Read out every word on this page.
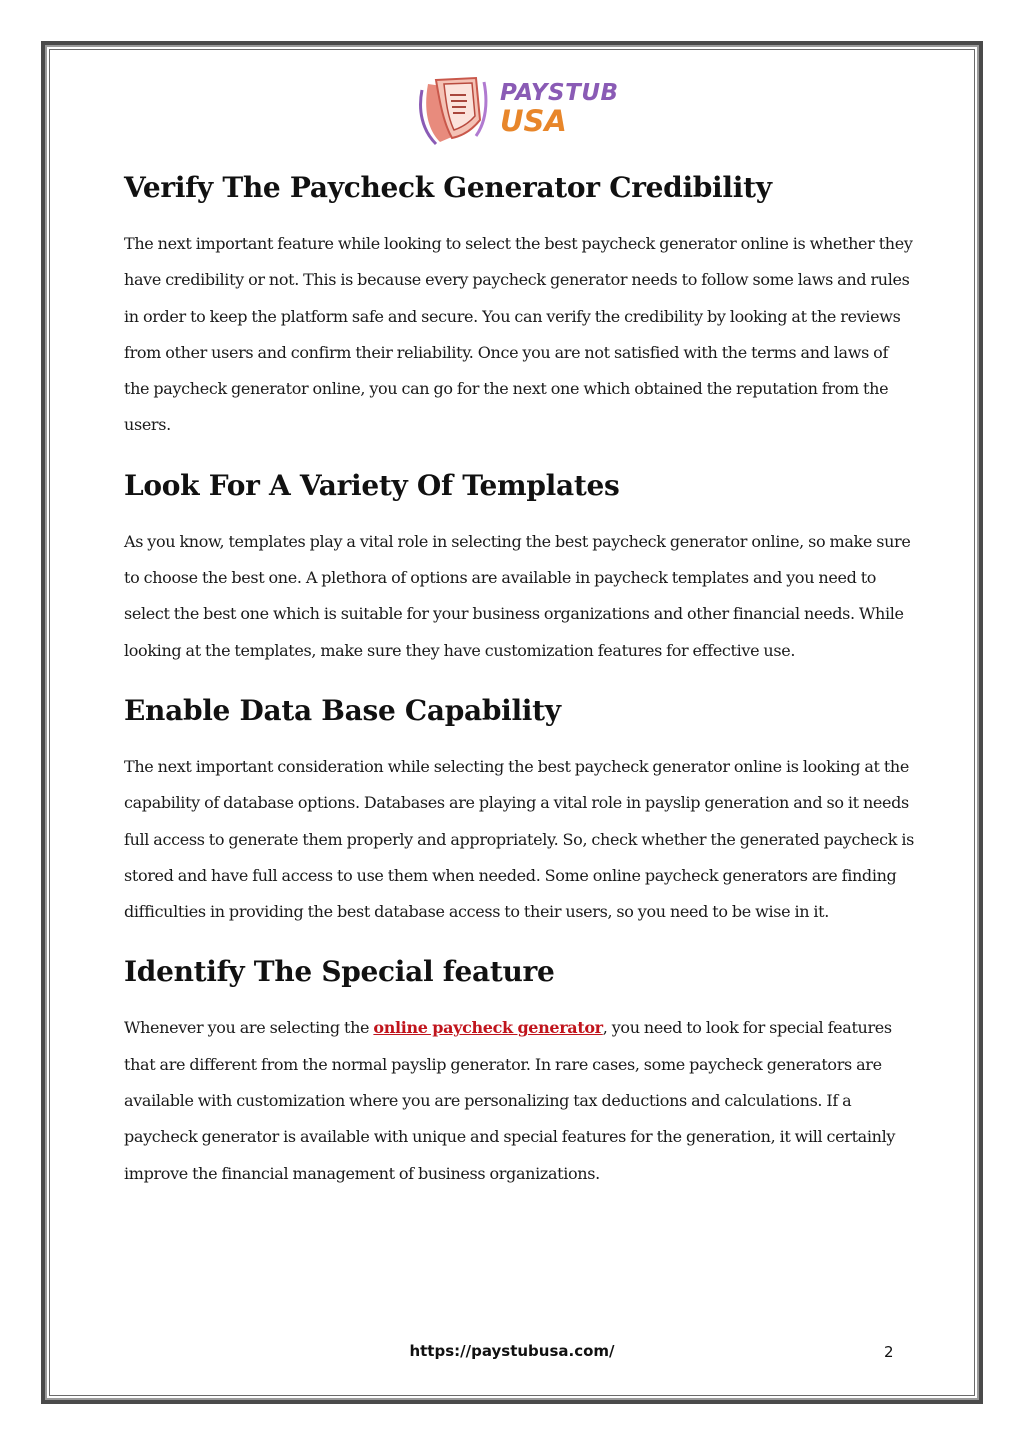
PAYSTUB
USA
Verify The Paycheck Generator Credibility

The next important feature while looking to select the best paycheck generator online is whether they have credibility or not. This is because every paycheck generator needs to follow some laws and rules in order to keep the platform safe and secure. You can verify the credibility by looking at the reviews from other users and confirm their reliability. Once you are not satisfied with the terms and laws of the paycheck generator online, you can go for the next one which obtained the reputation from the users.

Look For A Variety Of Templates

As you know, templates play a vital role in selecting the best paycheck generator online, so make sure to choose the best one. A plethora of options are available in paycheck templates and you need to select the best one which is suitable for your business organizations and other financial needs. While looking at the templates, make sure they have customization features for effective use.

Enable Data Base Capability

The next important consideration while selecting the best paycheck generator online is looking at the capability of database options. Databases are playing a vital role in payslip generation and so it needs full access to generate them properly and appropriately. So, check whether the generated paycheck is stored and have full access to use them when needed. Some online paycheck generators are finding difficulties in providing the best database access to their users, so you need to be wise in it.

Identify The Special feature

Whenever you are selecting the online paycheck generator, you need to look for special features that are different from the normal payslip generator. In rare cases, some paycheck generators are available with customization where you are personalizing tax deductions and calculations. If a paycheck generator is available with unique and special features for the generation, it will certainly improve the financial management of business organizations.

https://paystubusa.com/	2
